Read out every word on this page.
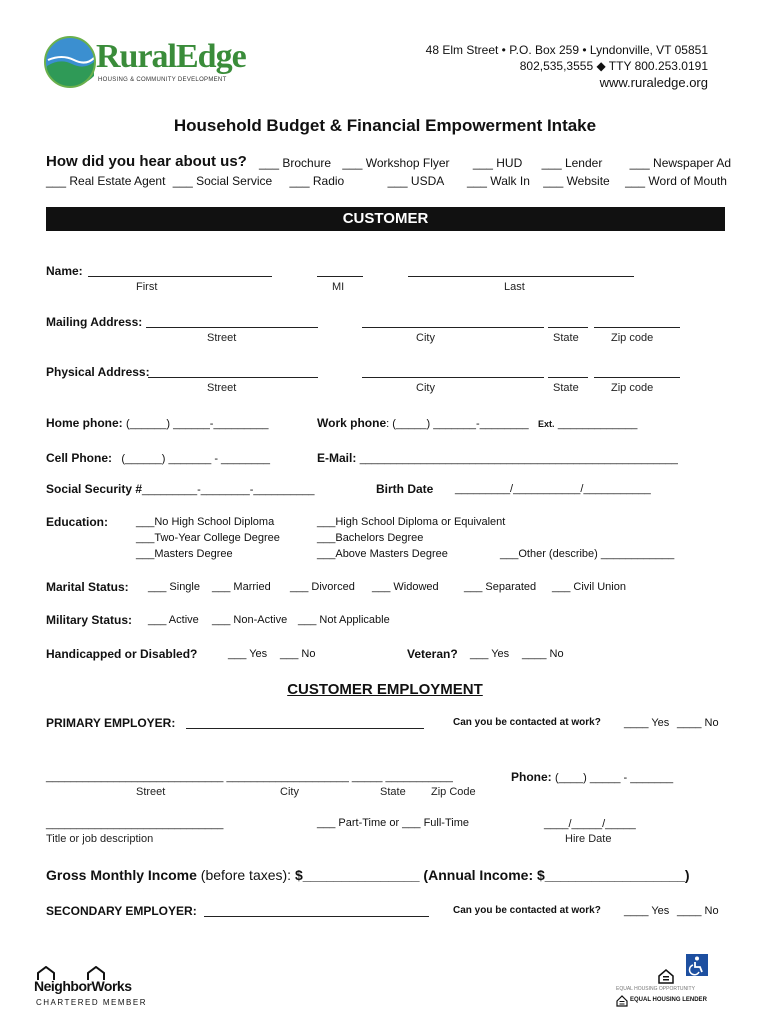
RuralEdge
HOUSING & COMMUNITY DEVELOPMENT
48 Elm Street • P.O. Box 259 • Lyndonville, VT 05851
802,535,3555 ◆ TTY 800.253.0191
www.ruraledge.org
Household Budget & Financial Empowerment Intake
How did you hear about us? ___ Brochure ___ Workshop Flyer ___ HUD ___ Lender ___ Newspaper Ad
___ Real Estate Agent ___ Social Service ___ Radio	___ USDA ___ Walk In ___ Website ___ Word of Mouth
CUSTOMER
Name:
First	MI	Last
Mailing Address:
Street	City	State	Zip code
Physical Address:
Street	City	State	Zip code
Home phone: (______) ______-_________	Work phone: (_____) _______-________ Ext. _____________
Cell Phone: (______) _______ - ________	E-Mail: ____________________________________________________
Social Security #_________-________-__________	Birth Date _________/___________/___________
Education:	___No High School Diploma	___High School Diploma or Equivalent
___Two-Year College Degree	___Bachelors Degree
___Masters Degree	___Above Masters Degree	___Other (describe) ____________
Marital Status: ___ Single ___ Married ___ Divorced ___ Widowed ___ Separated ___ Civil Union
Military Status: ___ Active ___ Non-Active ___ Not Applicable
Handicapped or Disabled?	___ Yes ___ No	Veteran? ___ Yes ____ No
CUSTOMER EMPLOYMENT
PRIMARY EMPLOYER:	Can you be contacted at work? ____ Yes ____ No
_____________________________ ____________________ _____ ___________
Street	City	State Zip Code
Phone: (____) _____ - _______
_____________________________
Title or job description
___ Part-Time or ___ Full-Time	____/_____/_____
Hire Date
Gross Monthly Income (before taxes): $_______________ (Annual Income: $__________________)
SECONDARY EMPLOYER:	Can you be contacted at work? ____ Yes ____ No
NeighborWorks
CHARTERED MEMBER
EQUAL HOUSING OPPORTUNITY
EQUAL HOUSING LENDER
